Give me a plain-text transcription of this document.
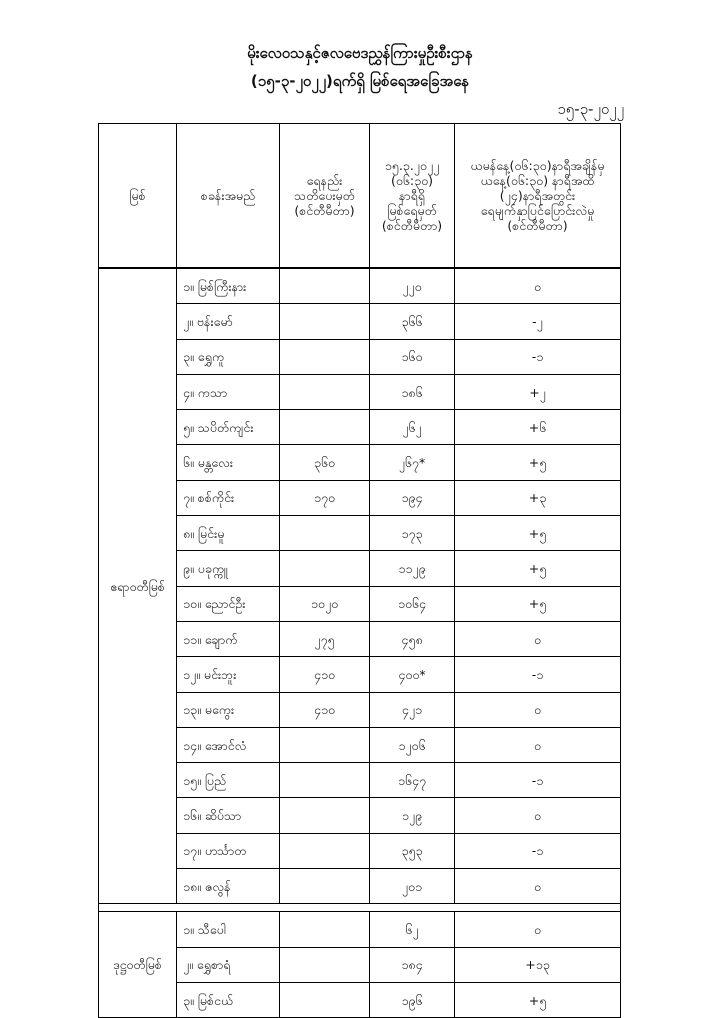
မိုးလေဝသနှင့်ဇလဗေဒညွှန်ကြားမှုဦးစီးဌာန
(၁၅-၃-၂၀၂၂)ရက်ရှိ မြစ်ရေအခြေအနေ
၁၅-၃-၂၀၂၂
မြစ်	စခန်းအမည်	ရေနည်း
သတိပေးမှတ်
(စင်တီမီတာ)	၁၅.၃.၂၀၂၂
(၀၆:၃၀)
နာရီရှိ
မြစ်ရေမှတ်
(စင်တီမီတာ)	ယမန်နေ့(၀၆:၃၀)နာရီအချိန်မှ
ယနေ့(၀၆:၃၀) နာရီအထိ
(၂၄)နာရီအတွင်း
ရေမျက်နှာပြင်ပြောင်းလဲမှု
(စင်တီမီတာ)

ဧရာဝတီမြစ်	၁။ မြစ်ကြီးနား		၂၂၀	၀
	၂။ ဗန်းမော်		၃၆၆	-၂
	၃။ ရွှေကူ		၁၆၀	-၁
	၄။ ကသာ		၁၈၆	+၂
	၅။ သပိတ်ကျင်း		၂၆၂	+၆
	၆။ မန္တလေး	၃၆၀	၂၆၇*	+၅
	၇။ စစ်ကိုင်း	၁၇၀	၁၉၄	+၃
	၈။ မြင်းမူ		၁၇၃	+၅
	၉။ ပခုက္ကူ		၁၁၂၉	+၅
	၁၀။ ညောင်ဦး	၁၀၂၀	၁၀၆၄	+၅
	၁၁။ ချောက်	၂၇၅	၄၅၈	၀
	၁၂။ မင်းဘူး	၄၁၀	၄၀၀*	-၁
	၁၃။ မကွေး	၄၁၀	၄၂၁	၀
	၁၄။ အောင်လံ		၁၂၀၆	၀
	၁၅။ ပြည်		၁၆၄၇	-၁
	၁၆။ ဆိပ်သာ		၁၂၉	၀
	၁၇။ ဟင်္သာတ		၃၅၃	-၁
	၁၈။ ဇလွန်		၂၀၁	၀

ဒုဋ္ဌဝတီမြစ်	၁။ သီပေါ		၆၂	၀
	၂။ ရွှေစာရံ		၁၈၄	+၁၃
	၃။ မြစ်ငယ်		၁၉၆	+၅
